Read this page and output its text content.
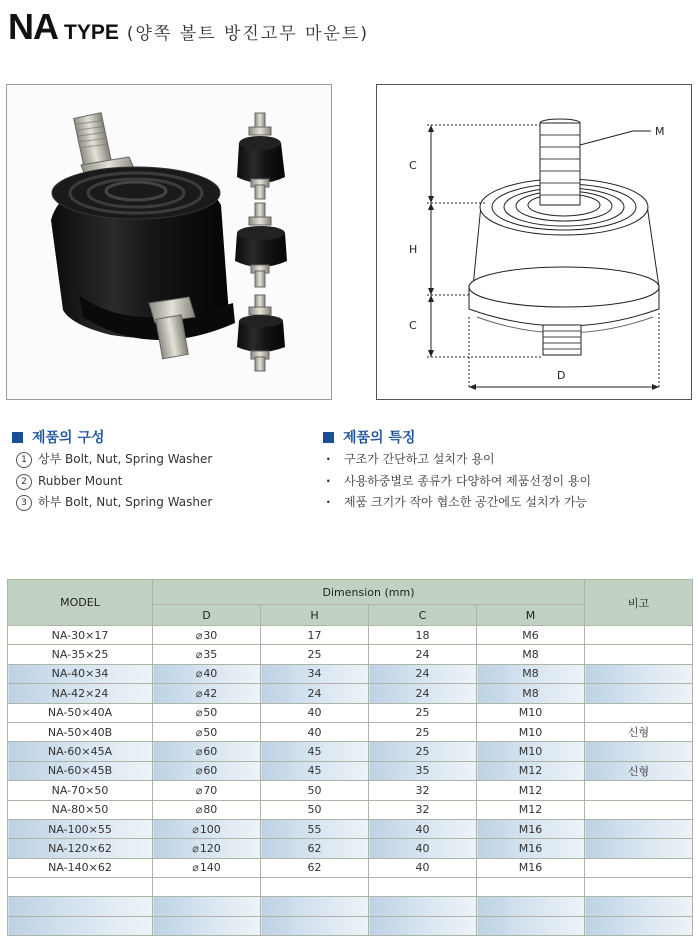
NA TYPE (양쪽 볼트 방진고무 마운트)
C
H
C
D
M
제품의 구성
1 상부 Bolt, Nut, Spring Washer
2 Rubber Mount
3 하부 Bolt, Nut, Spring Washer
제품의 특징
· 구조가 간단하고 설치가 용이
· 사용하중별로 종류가 다양하여 제품선정이 용이
· 제품 크기가 작아 협소한 공간에도 설치가 가능
MODEL	Dimension (mm)				비고
	D	H	C	M	
NA-30×17	⌀30	17	18	M6	
NA-35×25	⌀35	25	24	M8	
NA-40×34	⌀40	34	24	M8	
NA-42×24	⌀42	24	24	M8	
NA-50×40A	⌀50	40	25	M10	
NA-50×40B	⌀50	40	25	M10	신형
NA-60×45A	⌀60	45	25	M10	
NA-60×45B	⌀60	45	35	M12	신형
NA-70×50	⌀70	50	32	M12	
NA-80×50	⌀80	50	32	M12	
NA-100×55	⌀100	55	40	M16	
NA-120×62	⌀120	62	40	M16	
NA-140×62	⌀140	62	40	M16	
